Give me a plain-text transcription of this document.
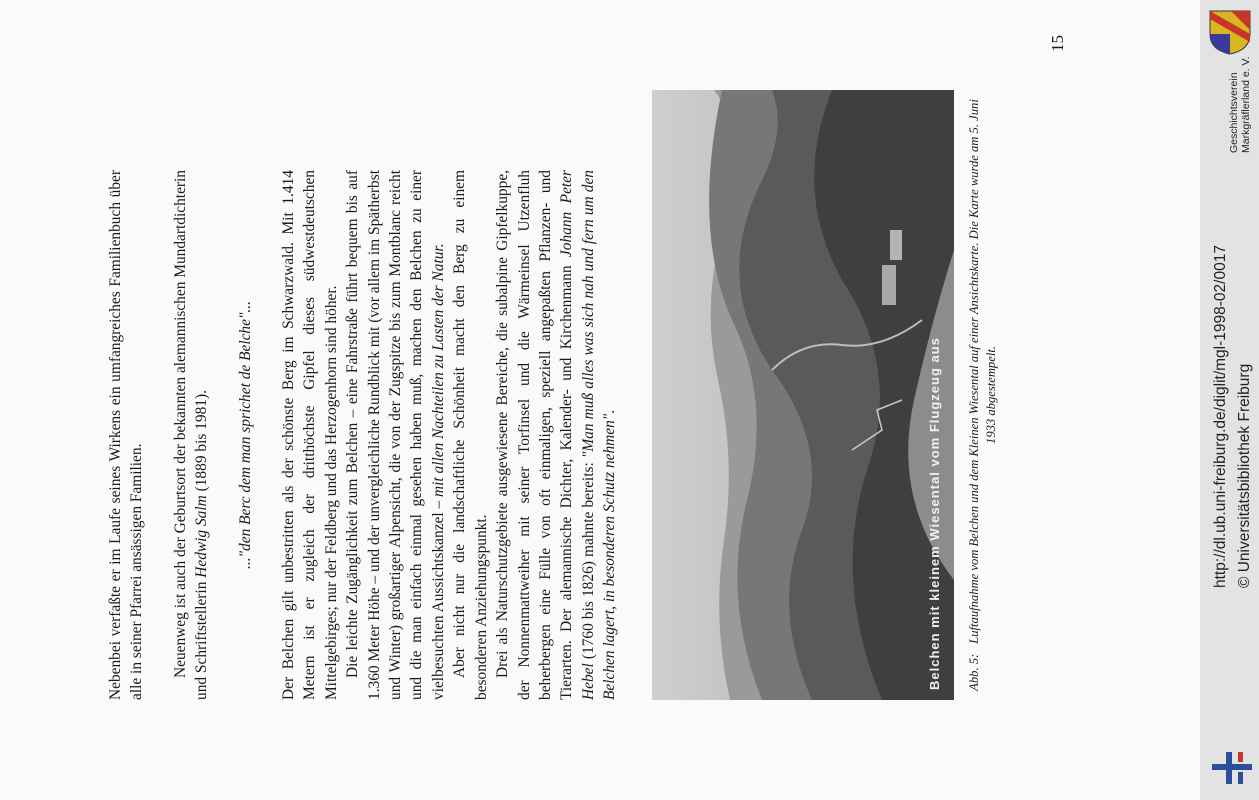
Nebenbei verfaßte er im Laufe seines Wirkens ein umfangreiches Familienbuch über alle in seiner Pfarrei ansässigen Familien. Neuenweg ist auch der Geburtsort der bekannten alemannischen Mundartdichterin und Schriftstellerin Hedwig Salm (1889 bis 1981). ..."den Berc dem man sprichet de Belche"... Der Belchen gilt unbestritten als der schönste Berg im Schwarzwald. Mit 1.414 Metern ist er zugleich der dritthöchste Gipfel dieses südwestdeutschen Mittelgebirges; nur der Feldberg und das Herzogenhorn sind höher. Die leichte Zugänglichkeit zum Belchen – eine Fahrstraße führt bequem bis auf 1.360 Meter Höhe – und der unvergleichliche Rundblick mit (vor allem im Spätherbst und Winter) großartiger Alpensicht, die von der Zugspitze bis zum Montblanc reicht und die man einfach einmal gesehen haben muß, machen den Belchen zu einer vielbesuchten Aussichtskanzel – mit allen Nachteilen zu Lasten der Natur. Aber nicht nur die landschaftliche Schönheit macht den Berg zu einem besonderen Anziehungspunkt. Drei als Naturschutzgebiete ausgewiesene Bereiche, die subalpine Gipfelkuppe, der Nonnenmattweiher mit seiner Torfinsel und die Wärmeinsel Utzenfluh beherbergen eine Fülle von oft einmaligen, speziell angepaßten Pflanzen- und Tierarten. Der alemannische Dichter, Kalender- und Kirchenmann Johann Peter Hebel (1760 bis 1826) mahnte bereits: "Man muß alles was sich nah und fern um den Belchen lagert, in besonderen Schutz nehmen".	Belchen mit kleinem Wiesental vom Flugzeug aus Abb. 5:Luftaufnahme vom Belchen und dem Kleinen Wiesental auf einer Ansichtskarte. Die Karte wurde am 5. Juni 1933 abgestempelt.
15
http://dl.ub.uni-freiburg.de/diglit/mgl-1998-02/0017 © Universitätsbibliothek Freiburg
Geschichtsverein Markgräflerland e. V.
